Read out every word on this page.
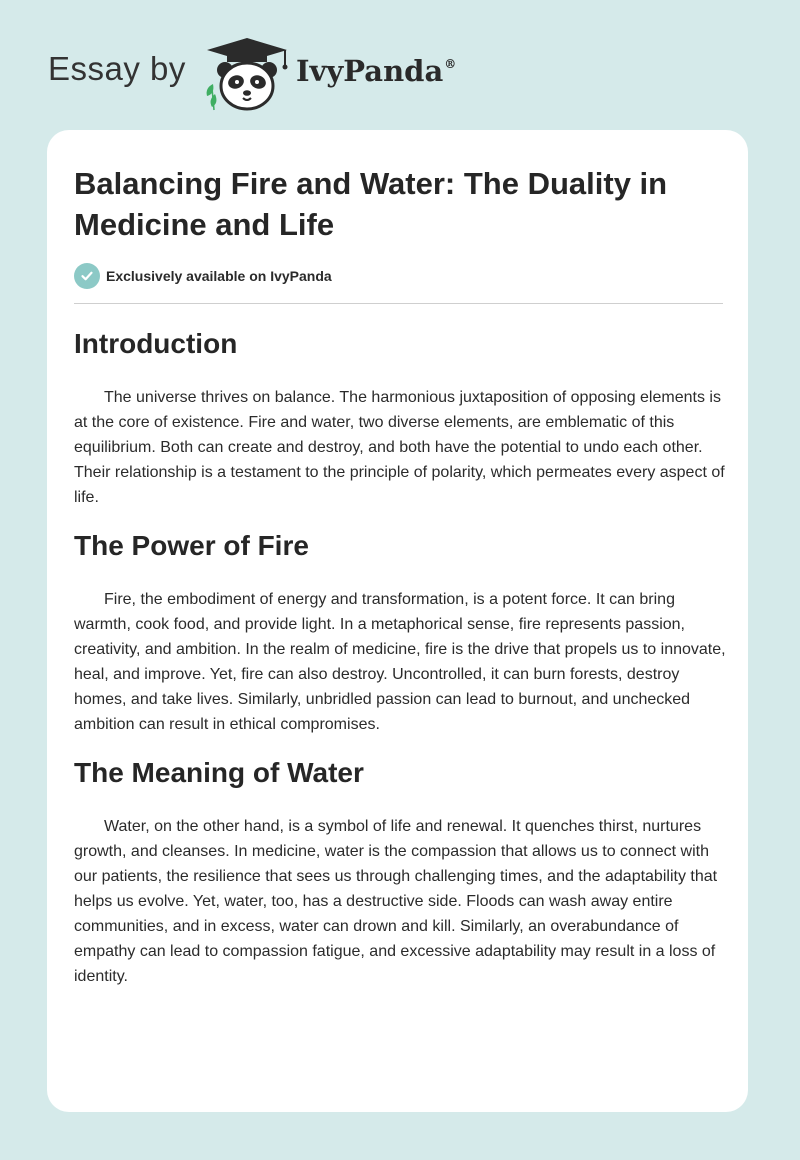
Essay by	IvyPanda®
Balancing Fire and Water: The Duality in Medicine and Life
Exclusively available on IvyPanda
Introduction

The universe thrives on balance. The harmonious juxtaposition of opposing elements is at the core of existence. Fire and water, two diverse elements, are emblematic of this equilibrium. Both can create and destroy, and both have the potential to undo each other. Their relationship is a testament to the principle of polarity, which permeates every aspect of life.

The Power of Fire

Fire, the embodiment of energy and transformation, is a potent force. It can bring warmth, cook food, and provide light. In a metaphorical sense, fire represents passion, creativity, and ambition. In the realm of medicine, fire is the drive that propels us to innovate, heal, and improve. Yet, fire can also destroy. Uncontrolled, it can burn forests, destroy homes, and take lives. Similarly, unbridled passion can lead to burnout, and unchecked ambition can result in ethical compromises.

The Meaning of Water

Water, on the other hand, is a symbol of life and renewal. It quenches thirst, nurtures growth, and cleanses. In medicine, water is the compassion that allows us to connect with our patients, the resilience that sees us through challenging times, and the adaptability that helps us evolve. Yet, water, too, has a destructive side. Floods can wash away entire communities, and in excess, water can drown and kill. Similarly, an overabundance of empathy can lead to compassion fatigue, and excessive adaptability may result in a loss of identity.
